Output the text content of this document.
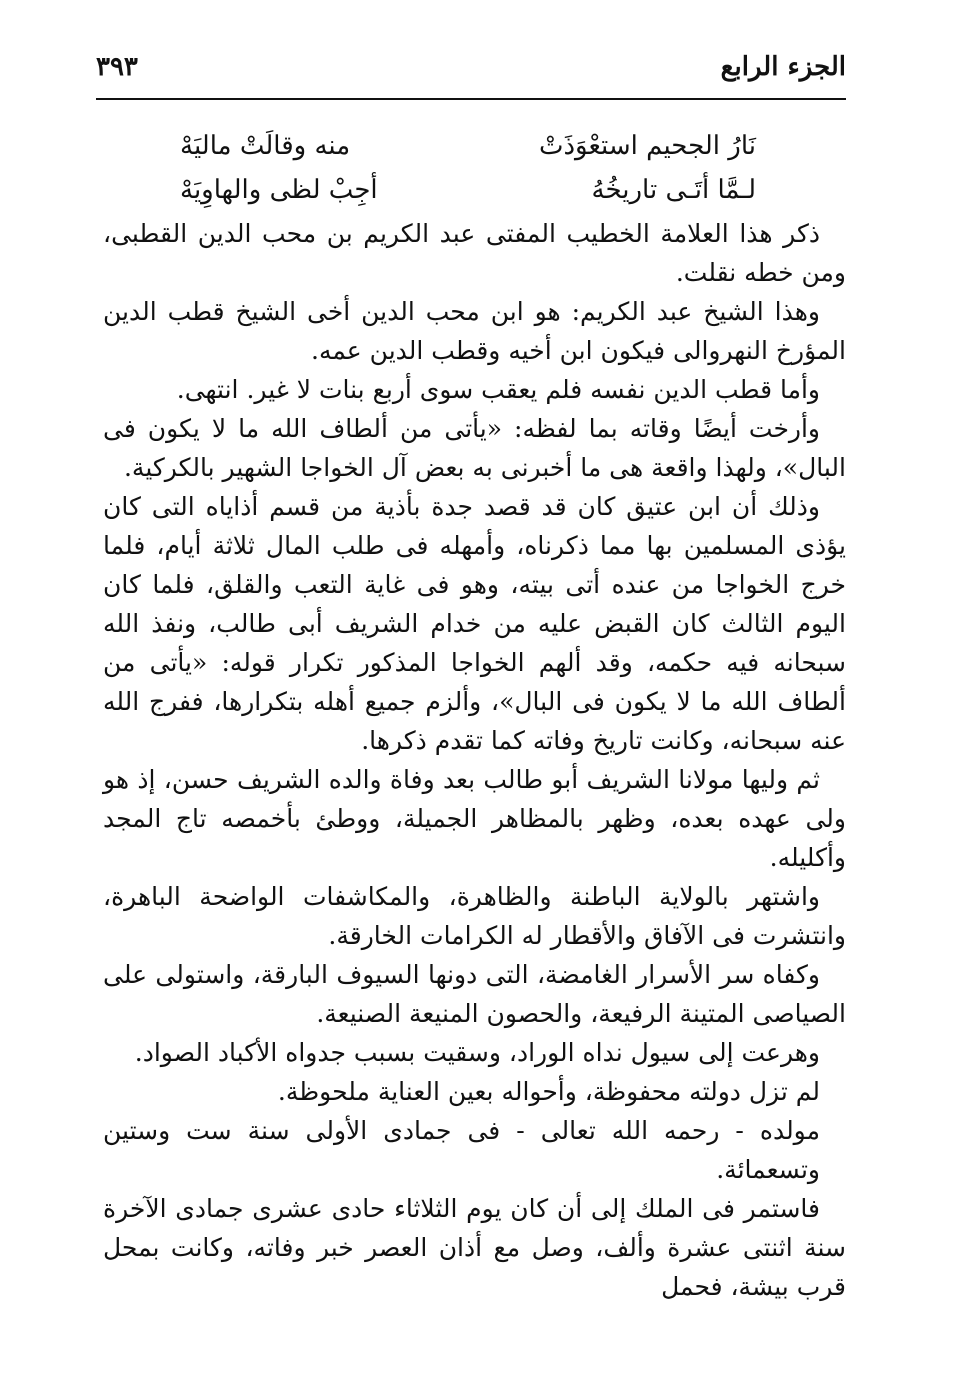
الجزء الرابع
٣٩٣
نَارُ الجحيم استعْوَذَتْ
منه وقالَتْ ماليَهْ
لـمَّا أتَـى تاريخُهُ
أجِبْ لظى والهاوِيَهْ

ذكر هذا العلامة الخطيب المفتى عبد الكريم بن محب الدين القطبى، ومن خطه نقلت.

وهذا الشيخ عبد الكريم: هو ابن محب الدين أخى الشيخ قطب الدين المؤرخ النهروالى فيكون ابن أخيه وقطب الدين عمه.

وأما قطب الدين نفسه فلم يعقب سوى أربع بنات لا غير. انتهى.

وأرخت أيضًا وقاته بما لفظه: «يأتى من ألطاف الله ما لا يكون فى البال»، ولهذا واقعة هى ما أخبرنى به بعض آل الخواجا الشهير بالكركية.

وذلك أن ابن عتيق كان قد قصد جدة بأذية من قسم أذاياه التى كان يؤذى المسلمين بها مما ذكرناه، وأمهله فى طلب المال ثلاثة أيام، فلما خرج الخواجا من عنده أتى بيته، وهو فى غاية التعب والقلق، فلما كان اليوم الثالث كان القبض عليه من خدام الشريف أبى طالب، ونفذ الله سبحانه فيه حكمه، وقد ألهم الخواجا المذكور تكرار قوله: «يأتى من ألطاف الله ما لا يكون فى البال»، وألزم جميع أهله بتكرارها، ففرج الله عنه سبحانه، وكانت تاريخ وفاته كما تقدم ذكرها.

ثم وليها مولانا الشريف أبو طالب بعد وفاة والده الشريف حسن، إذ هو ولى عهده بعده، وظهر بالمظاهر الجميلة، ووطئ بأخمصه تاج المجد وأكليله.

واشتهر بالولاية الباطنة والظاهرة، والمكاشفات الواضحة الباهرة، وانتشرت فى الآفاق والأقطار له الكرامات الخارقة.

وكفاه سر الأسرار الغامضة، التى دونها السيوف البارقة، واستولى على الصياصى المتينة الرفيعة، والحصون المنيعة الصنيعة.

وهرعت إلى سيول نداه الوراد، وسقيت بسبب جدواه الأكباد الصواد.

لم تزل دولته محفوظة، وأحواله بعين العناية ملحوظة.

مولده - رحمه الله تعالى - فى جمادى الأولى سنة ست وستين وتسعمائة.

فاستمر فى الملك إلى أن كان يوم الثلاثاء حادى عشرى جمادى الآخرة سنة اثنتى عشرة وألف، وصل مع أذان العصر خبر وفاته، وكانت بمحل قرب بيشة، فحمل
